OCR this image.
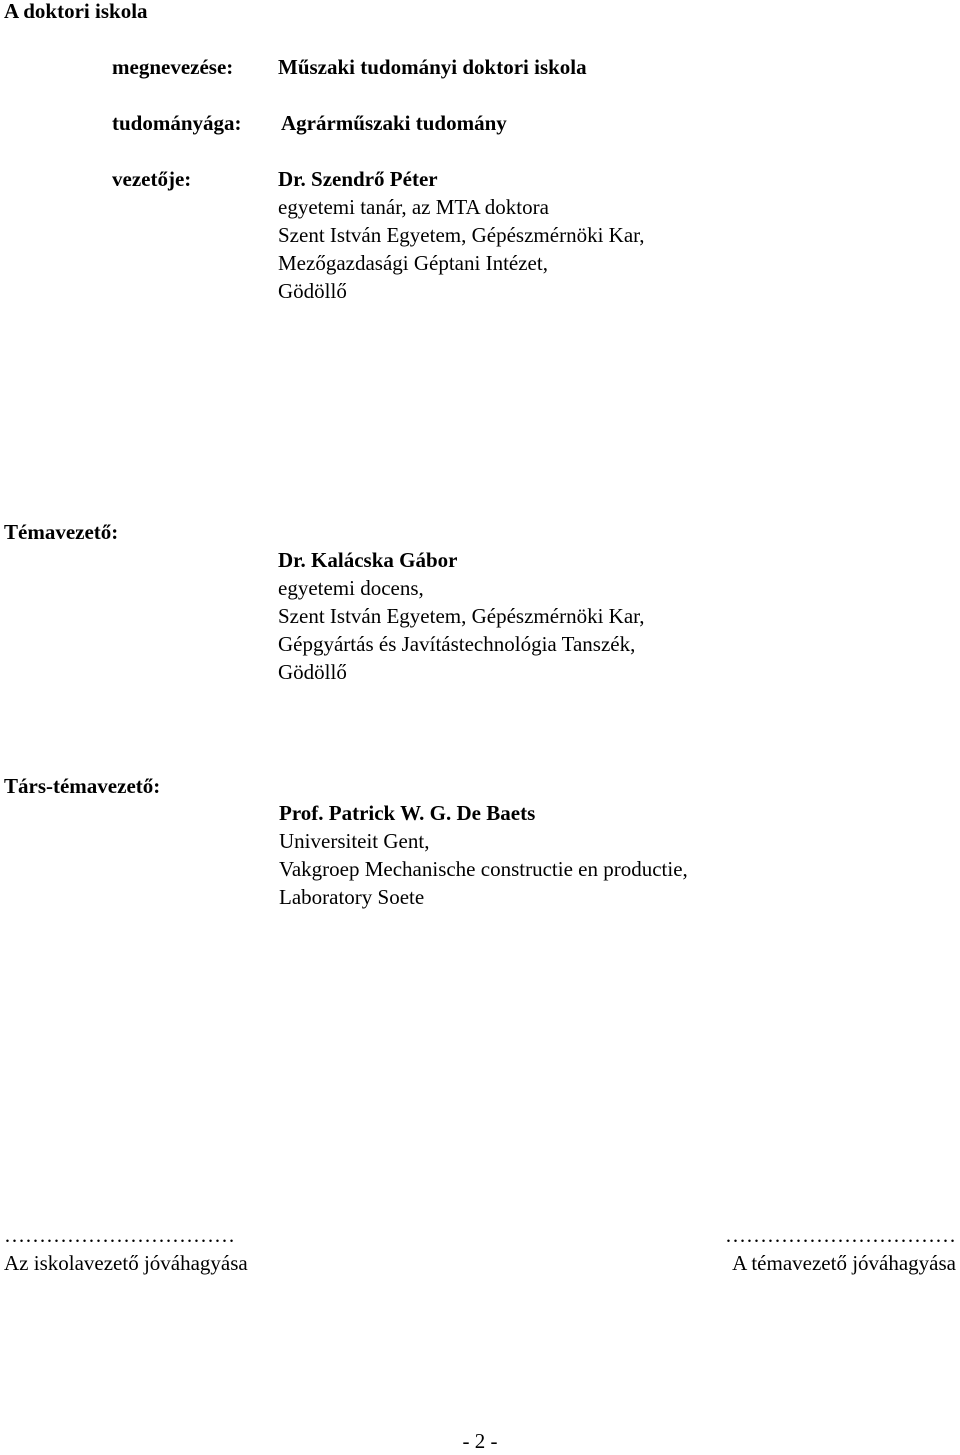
A doktori iskola
megnevezése: Műszaki tudományi doktori iskola
tudományága: Agrárműszaki tudomány
vezetője:	Dr. Szendrő Péter
egyetemi tanár, az MTA doktora
Szent István Egyetem, Gépészmérnöki Kar,
Mezőgazdasági Géptani Intézet,
Gödöllő
Témavezető:
Dr. Kalácska Gábor
egyetemi docens,
Szent István Egyetem, Gépészmérnöki Kar,
Gépgyártás és Javítástechnológia Tanszék,
Gödöllő
Társ-témavezető:
Prof. Patrick W. G. De Baets
Universiteit Gent,
Vakgroep Mechanische constructie en productie,
Laboratory Soete
……………………………
Az iskolavezető jóváhagyása
……………………………
A témavezető jóváhagyása
- 2 -
